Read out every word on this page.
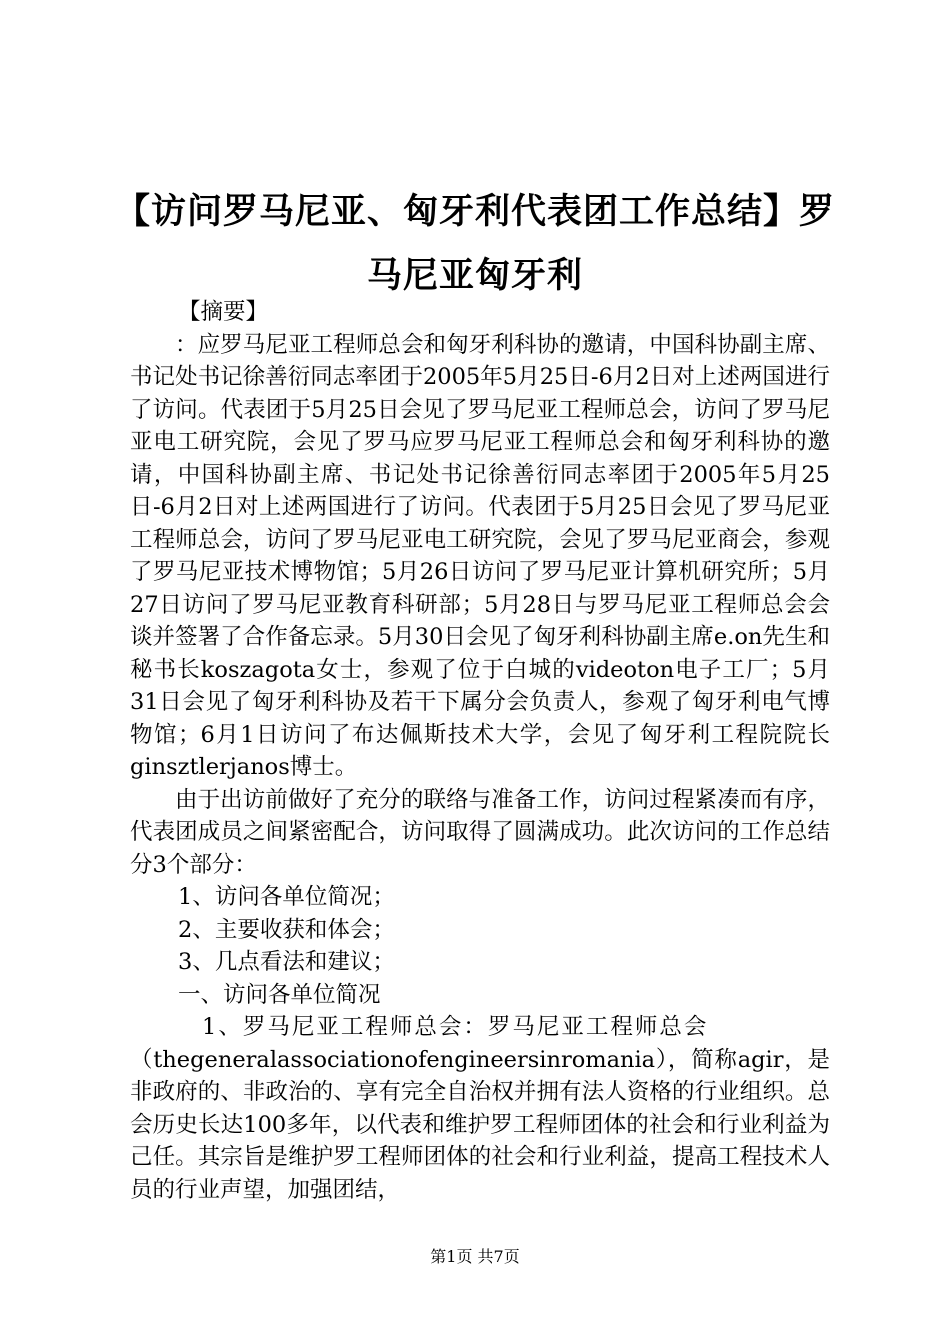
【访问罗马尼亚、匈牙利代表团工作总结】罗马尼亚匈牙利

【摘要】

：应罗马尼亚工程师总会和匈牙利科协的邀请，中国科协副主席、书记处书记徐善衍同志率团于2005年5月25日-6月2日对上述两国进行了访问。代表团于5月25日会见了罗马尼亚工程师总会，访问了罗马尼亚电工研究院，会见了罗马应罗马尼亚工程师总会和匈牙利科协的邀请，中国科协副主席、书记处书记徐善衍同志率团于2005年5月25日-6月2日对上述两国进行了访问。代表团于5月25日会见了罗马尼亚工程师总会，访问了罗马尼亚电工研究院，会见了罗马尼亚商会，参观了罗马尼亚技术博物馆；5月26日访问了罗马尼亚计算机研究所；5月27日访问了罗马尼亚教育科研部；5月28日与罗马尼亚工程师总会会谈并签署了合作备忘录。5月30日会见了匈牙利科协副主席e.on先生和秘书长koszagota女士，参观了位于白城的videoton电子工厂；5月31日会见了匈牙利科协及若干下属分会负责人，参观了匈牙利电气博物馆；6月1日访问了布达佩斯技术大学，会见了匈牙利工程院院长ginsztlerjanos博士。

由于出访前做好了充分的联络与准备工作，访问过程紧凑而有序，代表团成员之间紧密配合，访问取得了圆满成功。此次访问的工作总结分3个部分：

1、访问各单位简况；

2、主要收获和体会；

3、几点看法和建议；

一、访问各单位简况

1、罗马尼亚工程师总会：罗马尼亚工程师总会

（thegeneralassociationofengineersinromania），简称agir，是非政府的、非政治的、享有完全自治权并拥有法人资格的行业组织。总会历史长达100多年，以代表和维护罗工程师团体的社会和行业利益为己任。其宗旨是维护罗工程师团体的社会和行业利益，提高工程技术人员的行业声望，加强团结，

第1页 共7页
